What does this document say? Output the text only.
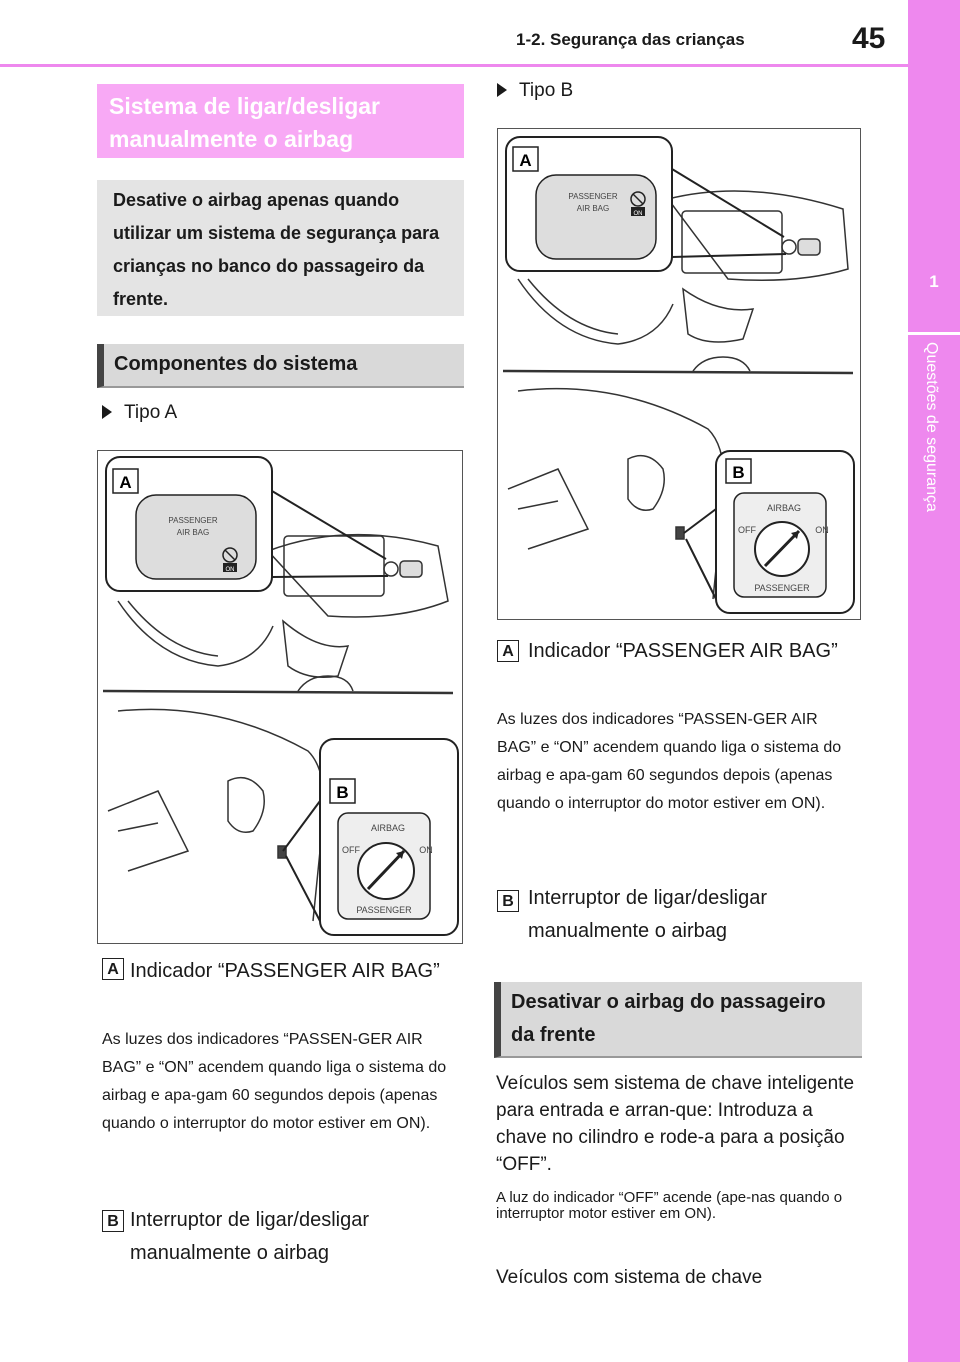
1-2. Segurança das crianças	45
1
Questões de segurança
Sistema de ligar/desligar manualmente o airbag
Desative o airbag apenas quando utilizar um sistema de segurança para crianças no banco do passageiro da frente.
Componentes do sistema
Tipo A
A
PASSENGER
AIR BAG
ON
B
AIRBAG
OFF	ON
PASSENGER
A Indicador “PASSENGER AIR BAG”
As luzes dos indicadores “PASSEN-GER AIR BAG” e “ON” acendem quando liga o sistema do airbag e apa-gam 60 segundos depois (apenas quando o interruptor do motor estiver em ON).
B Interruptor de ligar/desligar manualmente o airbag
Tipo B
A
PASSENGER
AIR BAG
ON
B
AIRBAG
OFF	ON
PASSENGER
A Indicador “PASSENGER AIR BAG”
As luzes dos indicadores “PASSEN-GER AIR BAG” e “ON” acendem quando liga o sistema do airbag e apa-gam 60 segundos depois (apenas quando o interruptor do motor estiver em ON).
B Interruptor de ligar/desligar manualmente o airbag
Desativar o airbag do passageiro da frente
Veículos sem sistema de chave inteligente para entrada e arran-que: Introduza a chave no cilindro e rode-a para a posição “OFF”.
A luz do indicador “OFF” acende (ape-nas quando o interruptor motor estiver em ON).
Veículos com sistema de chave
